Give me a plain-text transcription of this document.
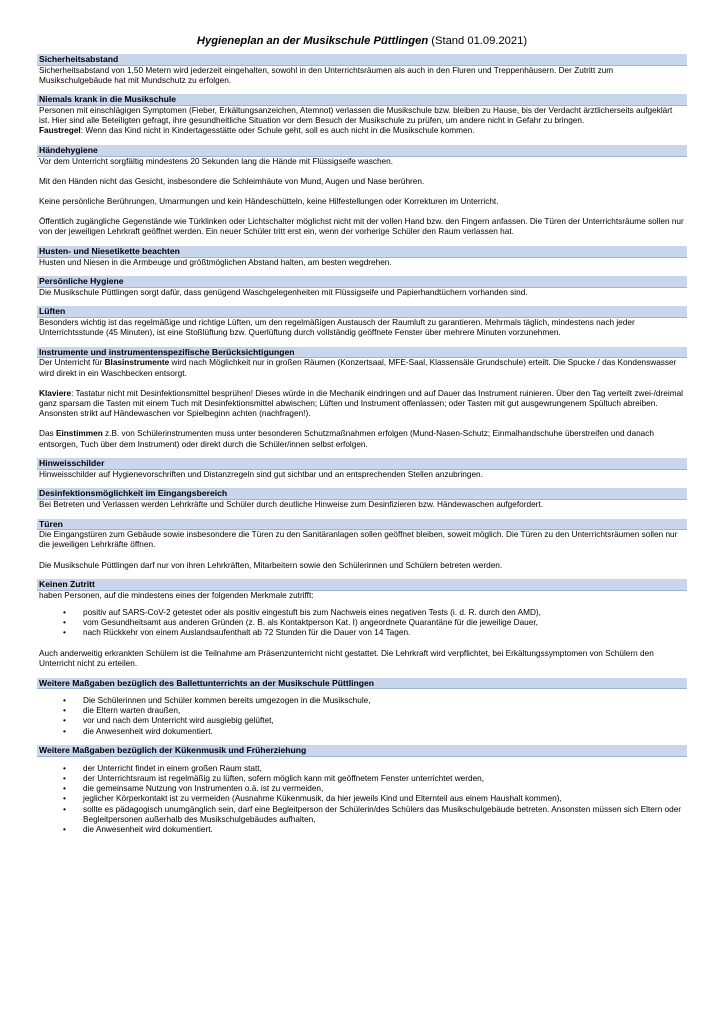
Hygieneplan an der Musikschule Püttlingen (Stand 01.09.2021)
Sicherheitsabstand
Sicherheitsabstand von 1,50 Metern wird jederzeit eingehalten, sowohl in den Unterrichtsräumen als auch in den Fluren und Treppenhäusern. Der Zutritt zum Musikschulgebäude hat mit Mundschutz zu erfolgen.
Niemals krank in die Musikschule
Personen mit einschlägigen Symptomen (Fieber, Erkältungsanzeichen, Atemnot) verlassen die Musikschule bzw. bleiben zu Hause, bis der Verdacht ärztlicherseits aufgeklärt ist. Hier sind alle Beteiligten gefragt, ihre gesundheitliche Situation vor dem Besuch der Musikschule zu prüfen, um andere nicht in Gefahr zu bringen.
Faustregel: Wenn das Kind nicht in Kindertagesstätte oder Schule geht, soll es auch nicht in die Musikschule kommen.
Händehygiene
Vor dem Unterricht sorgfältig mindestens 20 Sekunden lang die Hände mit Flüssigseife waschen.
Mit den Händen nicht das Gesicht, insbesondere die Schleimhäute von Mund, Augen und Nase berühren.
Keine persönliche Berührungen, Umarmungen und kein Händeschütteln, keine Hilfestellungen oder Korrekturen im Unterricht.
Öffentlich zugängliche Gegenstände wie Türklinken oder Lichtschalter möglichst nicht mit der vollen Hand bzw. den Fingern anfassen. Die Türen der Unterrichtsräume sollen nur von der jeweiligen Lehrkraft geöffnet werden. Ein neuer Schüler tritt erst ein, wenn der vorherige Schüler den Raum verlassen hat.
Husten- und Niesetikette beachten
Husten und Niesen in die Armbeuge und größtmöglichen Abstand halten, am besten wegdrehen.
Persönliche Hygiene
Die Musikschule Püttlingen sorgt dafür, dass genügend Waschgelegenheiten mit Flüssigseife und Papierhandtüchern vorhanden sind.
Lüften
Besonders wichtig ist das regelmäßige und richtige Lüften, um den regelmäßigen Austausch der Raumluft zu garantieren. Mehrmals täglich, mindestens nach jeder Unterrichtsstunde (45 Minuten), ist eine Stoßlüftung bzw. Querlüftung durch vollständig geöffnete Fenster über mehrere Minuten vorzunehmen.
Instrumente und instrumentenspezifische Berücksichtigungen
Der Unterricht für Blasinstrumente wird nach Möglichkeit nur in großen Räumen (Konzertsaal, MFE-Saal, Klassensäle Grundschule) erteilt. Die Spucke / das Kondenswasser wird direkt in ein Waschbecken entsorgt.
Klaviere: Tastatur nicht mit Desinfektionsmittel besprühen! Dieses würde in die Mechanik eindringen und auf Dauer das Instrument ruinieren. Über den Tag verteilt zwei-/dreimal ganz sparsam die Tasten mit einem Tuch mit Desinfektionsmittel abwischen; Lüften und Instrument offenlassen; oder Tasten mit gut ausgewrungenem Spültuch abreiben. Ansonsten strikt auf Händewaschen vor Spielbeginn achten (nachfragen!).
Das Einstimmen z.B. von Schülerinstrumenten muss unter besonderen Schutzmaßnahmen erfolgen (Mund-Nasen-Schutz; Einmalhandschuhe überstreifen und danach entsorgen, Tuch über dem Instrument) oder direkt durch die Schüler/innen selbst erfolgen.
Hinweisschilder
Hinweisschilder auf Hygienevorschriften und Distanzregeln sind gut sichtbar und an entsprechenden Stellen anzubringen.
Desinfektionsmöglichkeit im Eingangsbereich
Bei Betreten und Verlassen werden Lehrkräfte und Schüler durch deutliche Hinweise zum Desinfizieren bzw. Händewaschen aufgefordert.
Türen
Die Eingangstüren zum Gebäude sowie insbesondere die Türen zu den Sanitäranlagen sollen geöffnet bleiben, soweit möglich. Die Türen zu den Unterrichtsräumen sollen nur die jeweiligen Lehrkräfte öffnen.
Die Musikschule Püttlingen darf nur von ihren Lehrkräften, Mitarbeitern sowie den Schülerinnen und Schülern betreten werden.
Keinen Zutritt
haben Personen, auf die mindestens eines der folgenden Merkmale zutrifft:
• positiv auf SARS-CoV-2 getestet oder als positiv eingestuft bis zum Nachweis eines negativen Tests (i. d. R. durch den AMD),
• vom Gesundheitsamt aus anderen Gründen (z. B. als Kontaktperson Kat. I) angeordnete Quarantäne für die jeweilige Dauer,
• nach Rückkehr von einem Auslandsaufenthalt ab 72 Stunden für die Dauer von 14 Tagen.
Auch anderweitig erkrankten Schülern ist die Teilnahme am Präsenzunterricht nicht gestattet. Die Lehrkraft wird verpflichtet, bei Erkältungssymptomen von Schülern den Unterricht nicht zu erteilen.
Weitere Maßgaben bezüglich des Ballettunterrichts an der Musikschule Püttlingen
• Die Schülerinnen und Schüler kommen bereits umgezogen in die Musikschule,
• die Eltern warten draußen,
• vor und nach dem Unterricht wird ausgiebig gelüftet,
• die Anwesenheit wird dokumentiert.
Weitere Maßgaben bezüglich der Kükenmusik und Früherziehung
• der Unterricht findet in einem großen Raum statt,
• der Unterrichtsraum ist regelmäßig zu lüften, sofern möglich kann mit geöffnetem Fenster unterrichtet werden,
• die gemeinsame Nutzung von Instrumenten o.ä. ist zu vermeiden,
• jeglicher Körperkontakt ist zu vermeiden (Ausnahme Kükenmusik, da hier jeweils Kind und Elternteil aus einem Haushalt kommen),
• sollte es pädagogisch unumgänglich sein, darf eine Begleitperson der Schülerin/des Schülers das Musikschulgebäude betreten. Ansonsten müssen sich Eltern oder Begleitpersonen außerhalb des Musikschulgebäudes aufhalten,
• die Anwesenheit wird dokumentiert.
